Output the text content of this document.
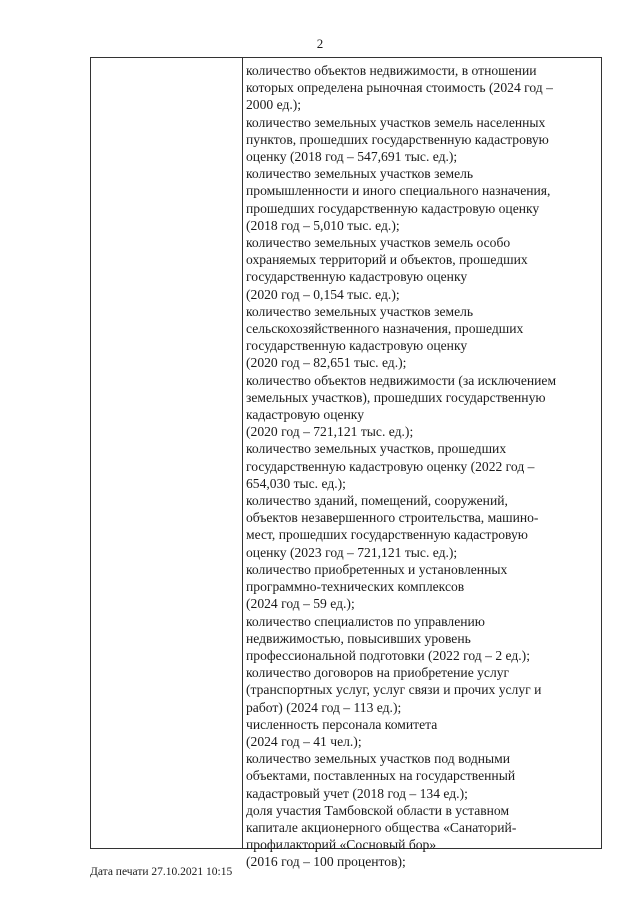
2
количество объектов недвижимости, в отношении
которых определена рыночная стоимость (2024 год –
2000 ед.);
количество земельных участков земель населенных
пунктов, прошедших государственную кадастровую
оценку (2018 год – 547,691 тыс. ед.);
количество земельных участков земель
промышленности и иного специального назначения,
прошедших государственную кадастровую оценку
(2018 год – 5,010 тыс. ед.);
количество земельных участков земель особо
охраняемых территорий и объектов, прошедших
государственную кадастровую оценку
(2020 год – 0,154 тыс. ед.);
количество земельных участков земель
сельскохозяйственного назначения, прошедших
государственную кадастровую оценку
(2020 год – 82,651 тыс. ед.);
количество объектов недвижимости (за исключением
земельных участков), прошедших государственную
кадастровую оценку
(2020 год – 721,121 тыс. ед.);
количество земельных участков, прошедших
государственную кадастровую оценку (2022 год –
654,030 тыс. ед.);
количество зданий, помещений, сооружений,
объектов незавершенного строительства, машино-
мест, прошедших государственную кадастровую
оценку (2023 год – 721,121 тыс. ед.);
количество приобретенных и установленных
программно-технических комплексов
(2024 год – 59 ед.);
количество специалистов по управлению
недвижимостью, повысивших уровень
профессиональной подготовки (2022 год – 2 ед.);
количество договоров на приобретение услуг
(транспортных услуг, услуг связи и прочих услуг и
работ) (2024 год – 113 ед.);
численность персонала комитета
(2024 год – 41 чел.);
количество земельных участков под водными
объектами, поставленных на государственный
кадастровый учет (2018 год – 134 ед.);
доля участия Тамбовской области в уставном
капитале акционерного общества «Санаторий-
профилакторий «Сосновый бор»
(2016 год – 100 процентов);
Дата печати 27.10.2021 10:15
